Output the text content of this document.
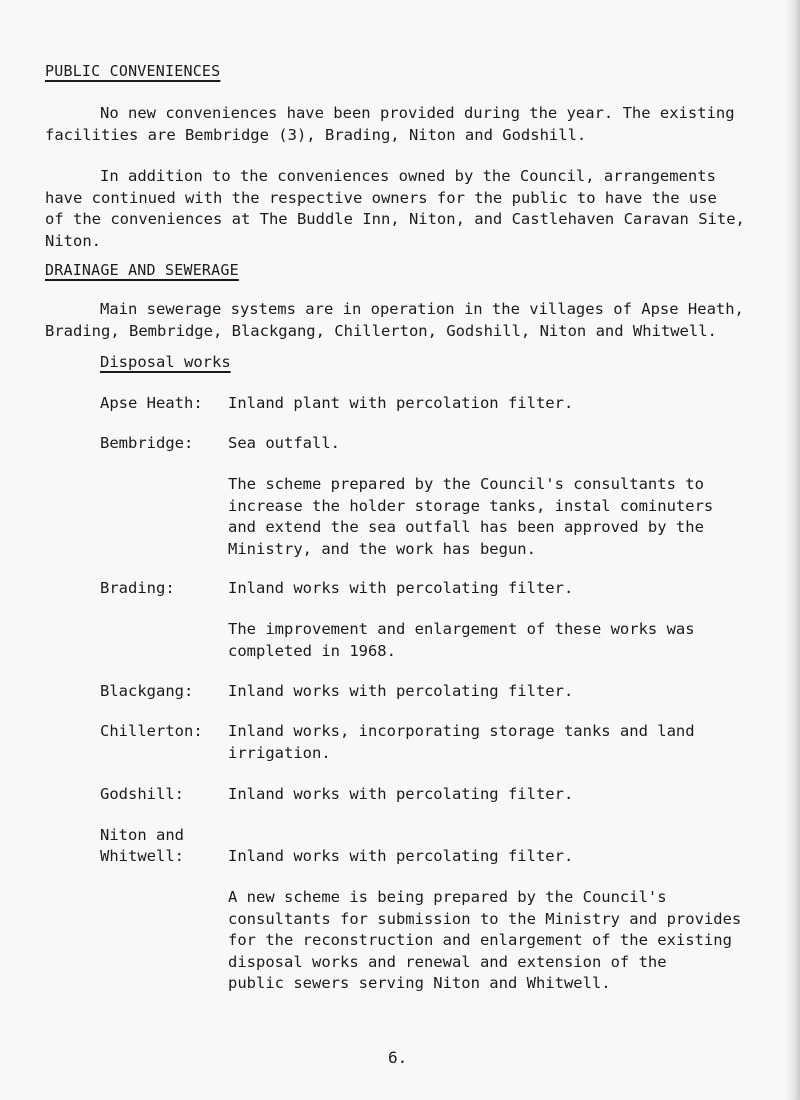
PUBLIC CONVENIENCES
No new conveniences have been provided during the year. The existing
facilities are Bembridge (3), Brading, Niton and Godshill.
In addition to the conveniences owned by the Council, arrangements
have continued with the respective owners for the public to have the use
of the conveniences at The Buddle Inn, Niton, and Castlehaven Caravan Site,
Niton.
DRAINAGE AND SEWERAGE
Main sewerage systems are in operation in the villages of Apse Heath,
Brading, Bembridge, Blackgang, Chillerton, Godshill, Niton and Whitwell.
Disposal works
Apse Heath: Inland plant with percolation filter.
Bembridge: Sea outfall.
The scheme prepared by the Council's consultants to
increase the holder storage tanks, instal cominuters
and extend the sea outfall has been approved by the
Ministry, and the work has begun.
Brading:	Inland works with percolating filter.
The improvement and enlargement of these works was
completed in 1968.
Blackgang: Inland works with percolating filter.
Chillerton: Inland works, incorporating storage tanks and land
irrigation.
Godshill:	Inland works with percolating filter.
Niton and
Whitwell:	Inland works with percolating filter.
A new scheme is being prepared by the Council's
consultants for submission to the Ministry and provides
for the reconstruction and enlargement of the existing
disposal works and renewal and extension of the
public sewers serving Niton and Whitwell.
6.
